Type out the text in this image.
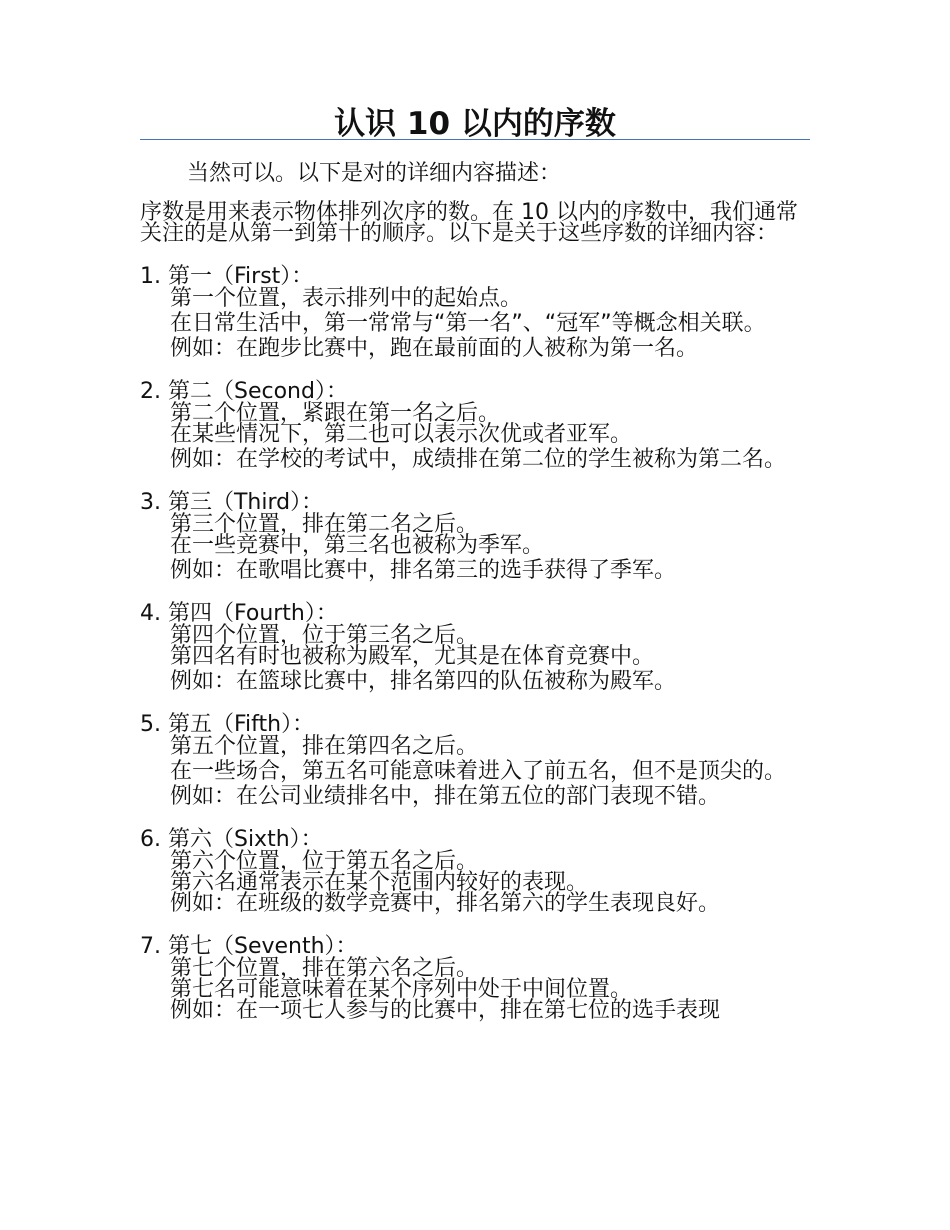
认识 10 以内的序数

当然可以。以下是对的详细内容描述：

序数是用来表示物体排列次序的数。在 10 以内的序数中，我们通常关注的是从第一到第十的顺序。以下是关于这些序数的详细内容：

1. 第一（First）：
第一个位置，表示排列中的起始点。
在日常生活中，第一常常与“第一名”、“冠军”等概念相关联。
例如：在跑步比赛中，跑在最前面的人被称为第一名。
2. 第二（Second）：
第二个位置，紧跟在第一名之后。
在某些情况下，第二也可以表示次优或者亚军。
例如：在学校的考试中，成绩排在第二位的学生被称为第二名。
3. 第三（Third）：
第三个位置，排在第二名之后。
在一些竞赛中，第三名也被称为季军。
例如：在歌唱比赛中，排名第三的选手获得了季军。
4. 第四（Fourth）：
第四个位置，位于第三名之后。
第四名有时也被称为殿军，尤其是在体育竞赛中。
例如：在篮球比赛中，排名第四的队伍被称为殿军。
5. 第五（Fifth）：
第五个位置，排在第四名之后。
在一些场合，第五名可能意味着进入了前五名，但不是顶尖的。
例如：在公司业绩排名中，排在第五位的部门表现不错。
6. 第六（Sixth）：
第六个位置，位于第五名之后。
第六名通常表示在某个范围内较好的表现。
例如：在班级的数学竞赛中，排名第六的学生表现良好。
7. 第七（Seventh）：
第七个位置，排在第六名之后。
第七名可能意味着在某个序列中处于中间位置。
例如：在一项七人参与的比赛中，排在第七位的选手表现
